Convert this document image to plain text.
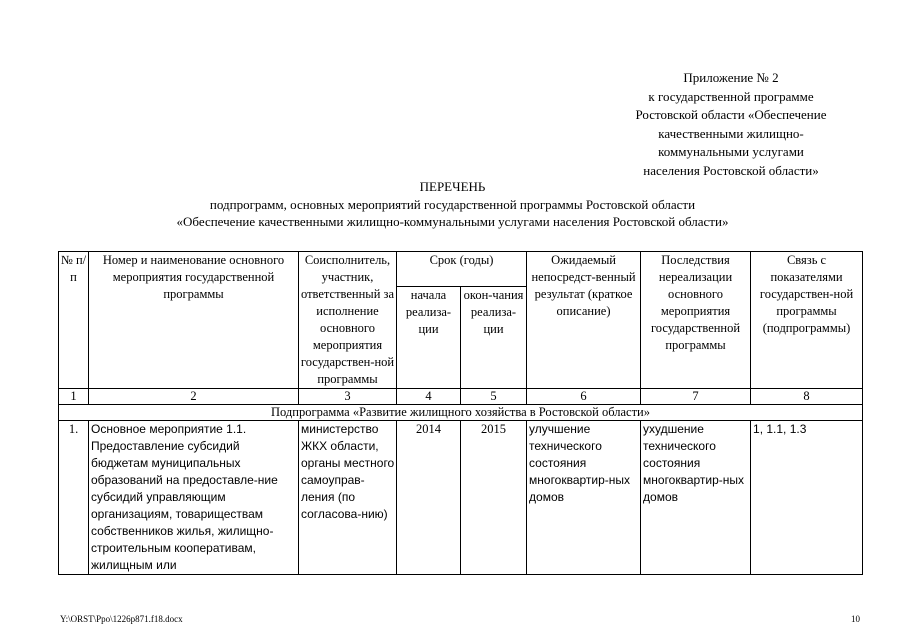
Приложение № 2
к государственной программе
Ростовской области «Обеспечение
качественными жилищно-
коммунальными услугами
населения Ростовской области»
ПЕРЕЧЕНЬ
подпрограмм, основных мероприятий государственной программы Ростовской области
«Обеспечение качественными жилищно-коммунальными услугами населения Ростовской области»
№ п/п	Номер и наименование основного мероприятия государственной программы	Соисполнитель, участник, ответственный за исполнение основного мероприятия государствен-ной программы	Срок (годы)		Ожидаемый непосредст-венный результат (краткое описание)	Последствия нереализации основного мероприятия государственной программы	Связь с показателями государствен-ной программы (подпрограммы)
			начала реализа-ции	окон-чания реализа-ции			
1	2	3	4	5	6	7	8
Подпрограмма «Развитие жилищного хозяйства в Ростовской области»							
1.	Основное мероприятие 1.1. Предоставление субсидий бюджетам муниципальных образований на предоставле-ние субсидий управляющим организациям, товариществам собственников жилья, жилищно-строительным кооперативам, жилищным или	министерство ЖКХ области, органы местного самоуправ-ления (по согласова-нию)	2014	2015	улучшение технического состояния многоквартир-ных домов	ухудшение технического состояния многоквартир-ных домов	1, 1.1, 1.3
Y:\ORST\Ppo\1226p871.f18.docx	10
